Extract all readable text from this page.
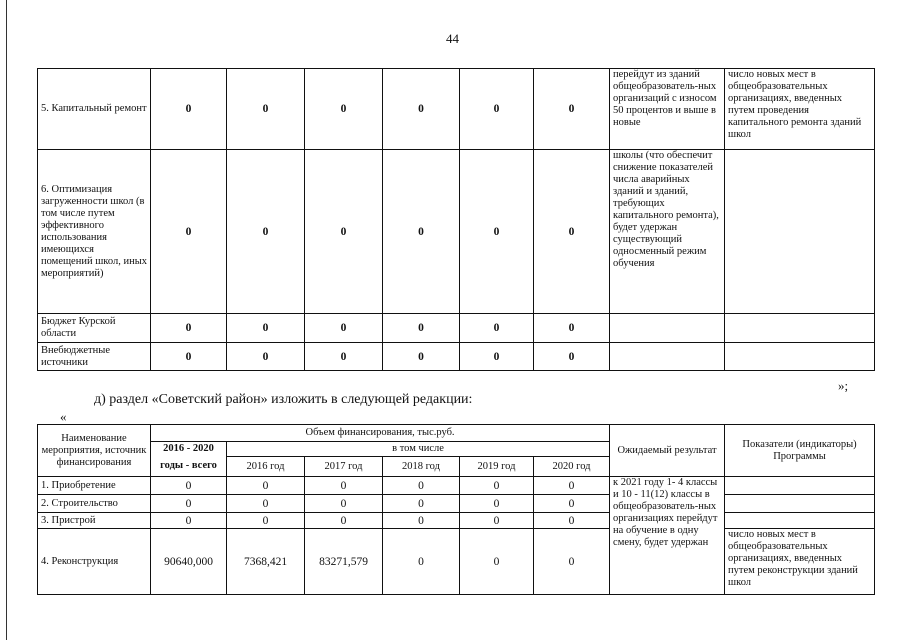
44
5. Капитальный ремонт	0	0	0	0	0	0	перейдут из зданий общеобразователь-ных организаций с износом 50 процентов и выше в новые	число новых мест в общеобразовательных организациях, введенных путем проведения капитального ремонта зданий школ
6. Оптимизация загруженности школ (в том числе путем эффективного использования имеющихся помещений школ, иных мероприятий)	0	0	0	0	0	0	школы (что обеспечит снижение показателей числа аварийных зданий и зданий, требующих капитального ремонта), будет удержан существующий односменный режим обучения	
Бюджет Курской области	0	0	0	0	0	0		
Внебюджетные источники	0	0	0	0	0	0		
»;
д) раздел «Советский район» изложить в следующей редакции:
«
Наименование мероприятия, источник финансирования	Объем финансирования, тыс.руб.						Ожидаемый результат	Показатели (индикаторы) Программы
	2016 - 2020	в том числе						
	годы - всего	2016 год	2017 год	2018 год	2019 год	2020 год		
1. Приобретение	0	0	0	0	0	0	к 2021 году 1- 4 классы и 10 - 11(12) классы в общеобразователь-ных организациях перейдут на обучение в одну смену, будет удержан	
2. Строительство	0	0	0	0	0	0		
3. Пристрой	0	0	0	0	0	0		
4. Реконструкция	90640,000	7368,421	83271,579	0	0	0		число новых мест в общеобразовательных организациях, введенных путем реконструкции зданий школ
